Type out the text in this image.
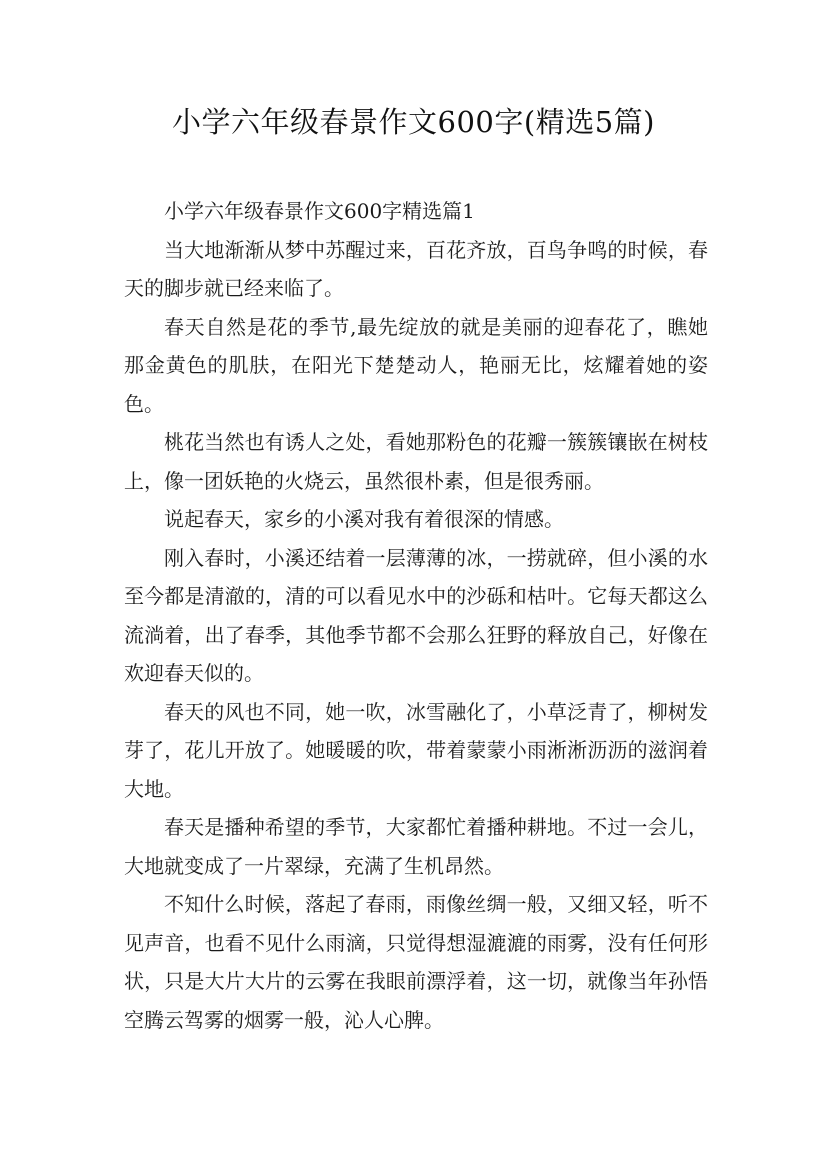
小学六年级春景作文600字(精选5篇)

小学六年级春景作文600字精选篇1

当大地渐渐从梦中苏醒过来，百花齐放，百鸟争鸣的时候，春天的脚步就已经来临了。

春天自然是花的季节,最先绽放的就是美丽的迎春花了，瞧她那金黄色的肌肤，在阳光下楚楚动人，艳丽无比，炫耀着她的姿色。

桃花当然也有诱人之处，看她那粉色的花瓣一簇簇镶嵌在树枝上，像一团妖艳的火烧云，虽然很朴素，但是很秀丽。

说起春天，家乡的小溪对我有着很深的情感。

刚入春时，小溪还结着一层薄薄的冰，一捞就碎，但小溪的水至今都是清澈的，清的可以看见水中的沙砾和枯叶。它每天都这么流淌着，出了春季，其他季节都不会那么狂野的释放自己，好像在欢迎春天似的。

春天的风也不同，她一吹，冰雪融化了，小草泛青了，柳树发芽了，花儿开放了。她暖暖的吹，带着蒙蒙小雨淅淅沥沥的滋润着大地。

春天是播种希望的季节，大家都忙着播种耕地。不过一会儿，大地就变成了一片翠绿，充满了生机昂然。

不知什么时候，落起了春雨，雨像丝绸一般，又细又轻，听不见声音，也看不见什么雨滴，只觉得想湿漉漉的雨雾，没有任何形状，只是大片大片的云雾在我眼前漂浮着，这一切，就像当年孙悟空腾云驾雾的烟雾一般，沁人心脾。
